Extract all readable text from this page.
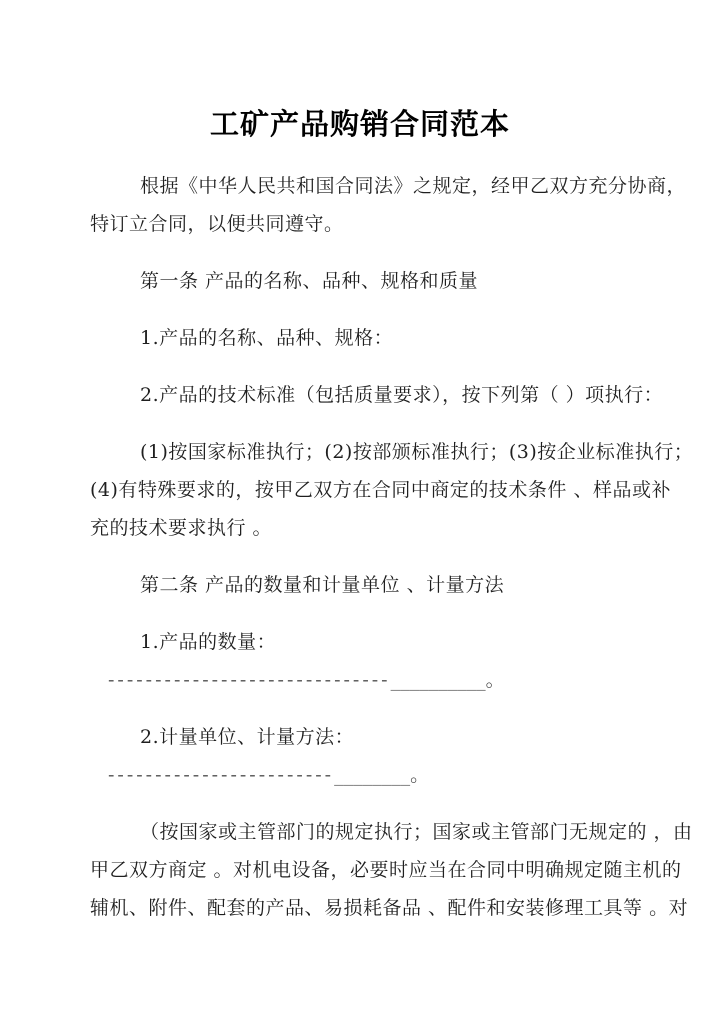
工矿产品购销合同范本
根据《中华人民共和国合同法》之规定，经甲乙双方充分协商，
特订立合同，以便共同遵守。
第一条 产品的名称、品种、规格和质量
1.产品的名称、品种、规格：
2.产品的技术标准（包括质量要求），按下列第（ ）项执行：
(1)按国家标准执行；(2)按部颁标准执行；(3)按企业标准执行；
(4)有特殊要求的，按甲乙双方在合同中商定的技术条件 、样品或补
充的技术要求执行 。
第二条 产品的数量和计量单位 、计量方法
1.产品的数量：
------------------------------__________。
2.计量单位、计量方法：
------------------------________。
（按国家或主管部门的规定执行；国家或主管部门无规定的 ，由
甲乙双方商定 。对机电设备，必要时应当在合同中明确规定随主机的
辅机、附件、配套的产品、易损耗备品 、配件和安装修理工具等 。对
